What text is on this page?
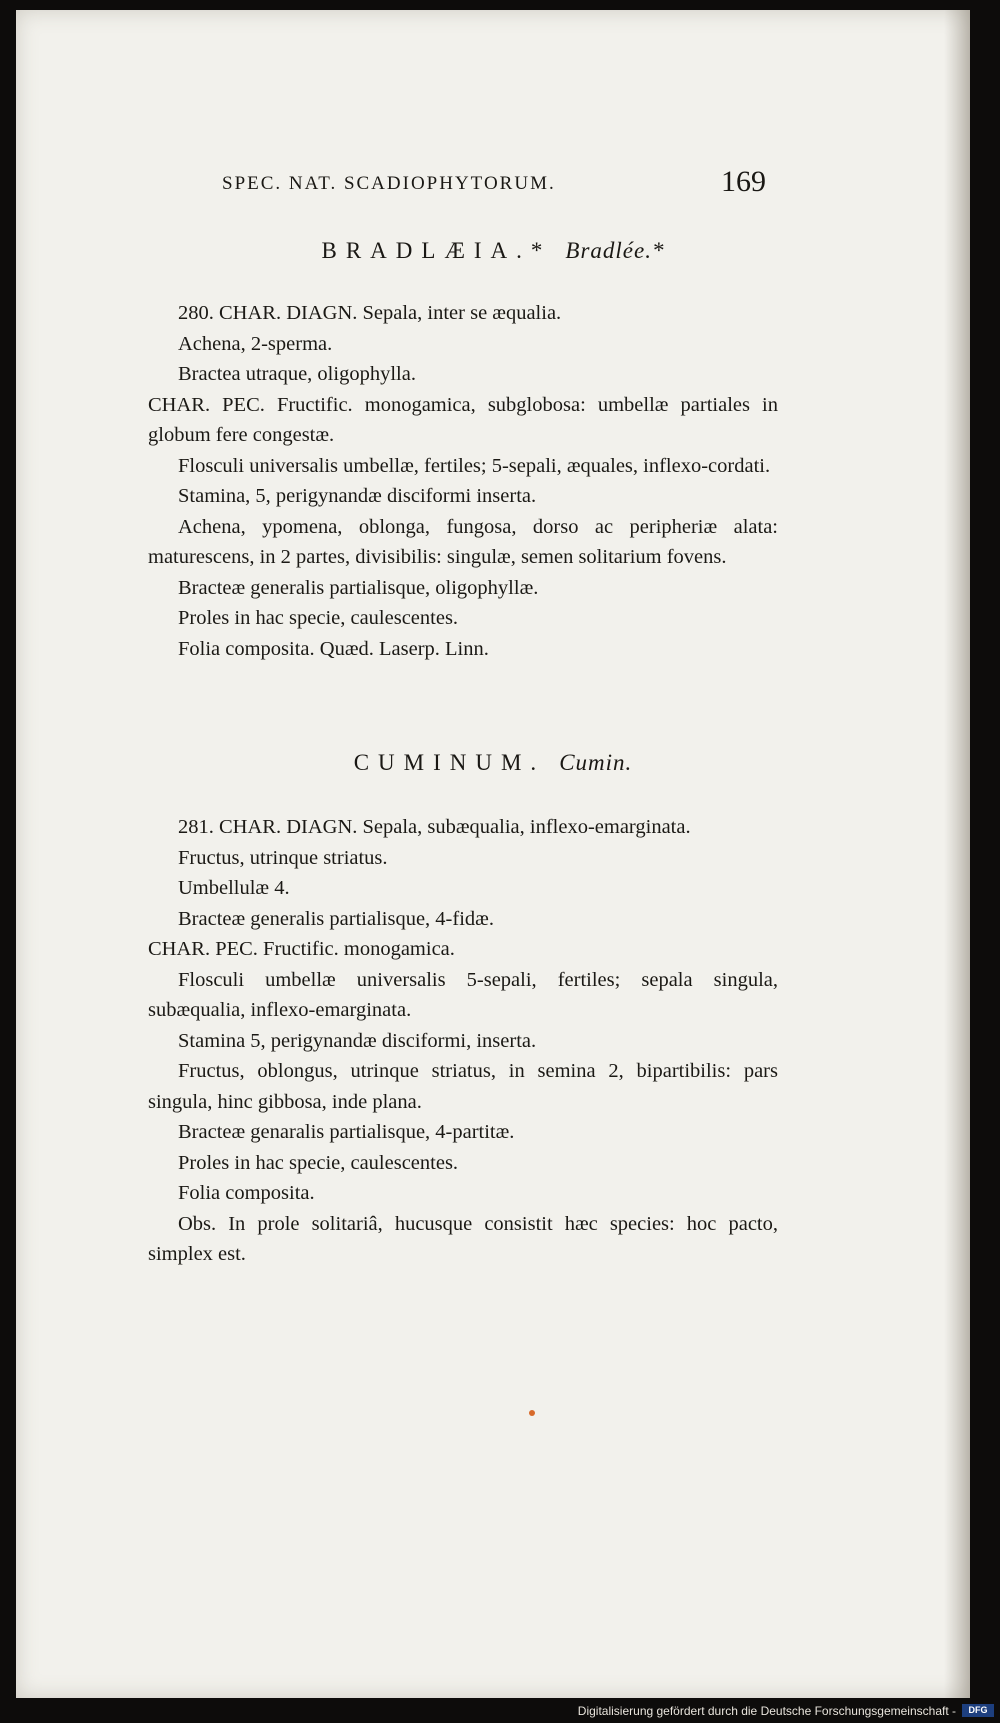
SPEC. NAT. SCADIOPHYTORUM.	169
BRADLÆIA.* Bradlée.*

280. CHAR. DIAGN. Sepala, inter se æqualia.

Achena, 2-sperma.

Bractea utraque, oligophylla.

CHAR. PEC. Fructific. monogamica, subglobosa: umbellæ partiales in globum fere congestæ.

Flosculi universalis umbellæ, fertiles; 5-sepali, æquales, inflexo-cordati.

Stamina, 5, perigynandæ disciformi inserta.

Achena, ypomena, oblonga, fungosa, dorso ac peripheriæ alata: maturescens, in 2 partes, divisibilis: singulæ, semen solitarium fovens.

Bracteæ generalis partialisque, oligophyllæ.

Proles in hac specie, caulescentes.

Folia composita. Quæd. Laserp. Linn.

CUMINUM. Cumin.

281. CHAR. DIAGN. Sepala, subæqualia, inflexo-emarginata.

Fructus, utrinque striatus.

Umbellulæ 4.

Bracteæ generalis partialisque, 4-fidæ.

CHAR. PEC. Fructific. monogamica.

Flosculi umbellæ universalis 5-sepali, fertiles; sepala singula, subæqualia, inflexo-emarginata.

Stamina 5, perigynandæ disciformi, inserta.

Fructus, oblongus, utrinque striatus, in semina 2, bipartibilis: pars singula, hinc gibbosa, inde plana.

Bracteæ genaralis partialisque, 4-partitæ.

Proles in hac specie, caulescentes.

Folia composita.

Obs. In prole solitariâ, hucusque consistit hæc species: hoc pacto, simplex est.

Digitalisierung gefördert durch die Deutsche Forschungsgemeinschaft -	DFG
